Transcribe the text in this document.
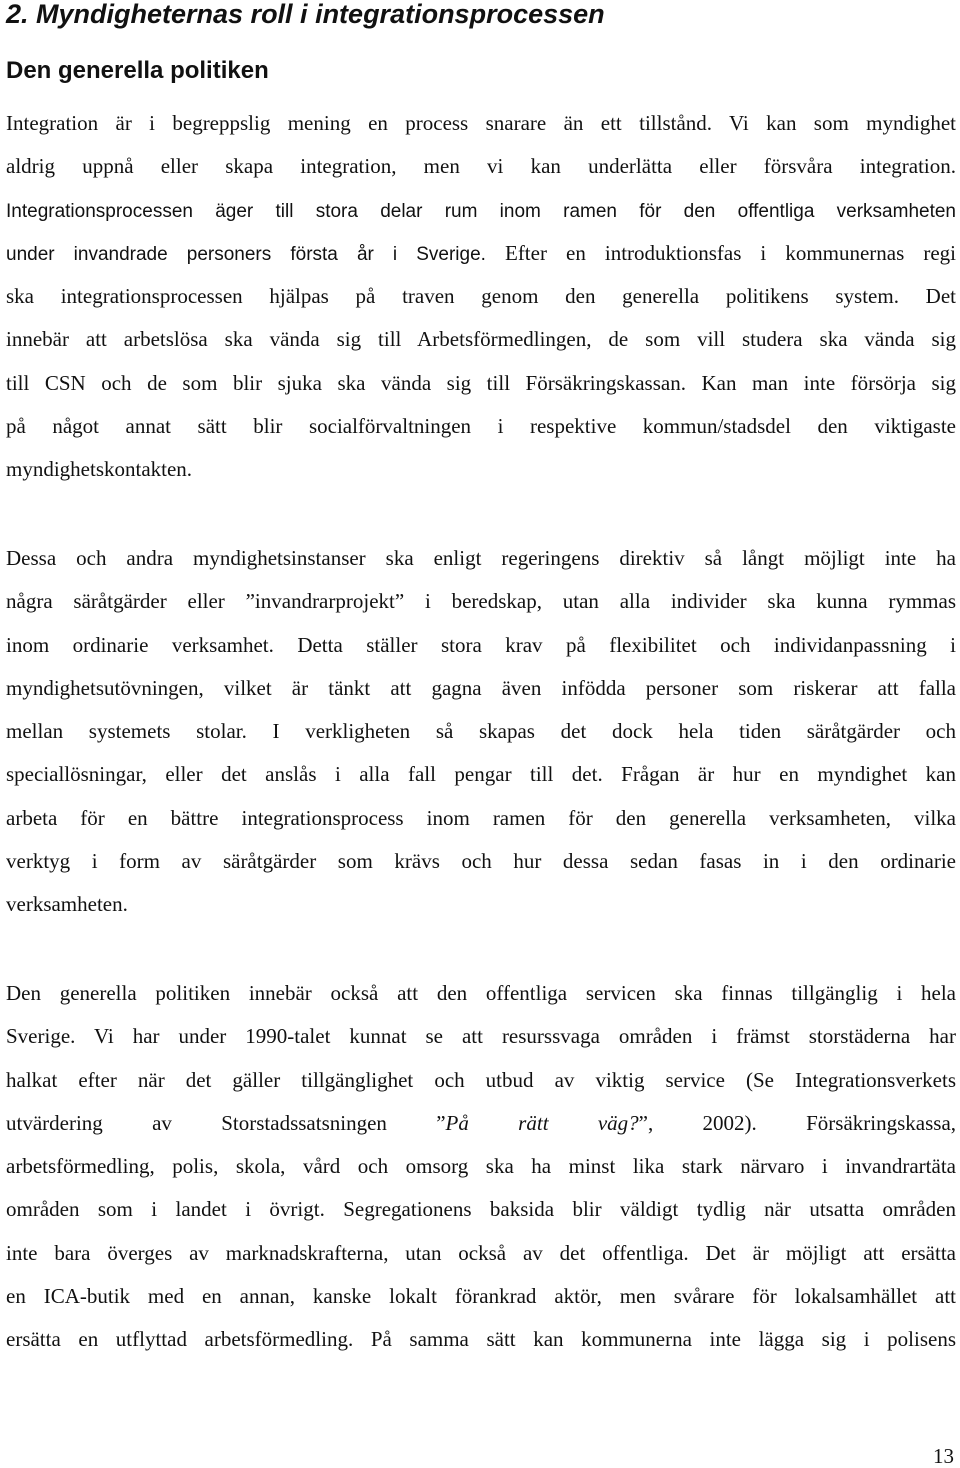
2. Myndigheternas roll i integrationsprocessen
Den generella politiken
Integration är i begreppslig mening en process snarare än ett tillstånd. Vi kan som myndighet
aldrig uppnå eller skapa integration, men vi kan underlätta eller försvåra integration.
Integrationsprocessen äger till stora delar rum inom ramen för den offentliga verksamheten
under invandrade personers första år i Sverige. Efter en introduktionsfas i kommunernas regi
ska integrationsprocessen hjälpas på traven genom den generella politikens system. Det
innebär att arbetslösa ska vända sig till Arbetsförmedlingen, de som vill studera ska vända sig
till CSN och de som blir sjuka ska vända sig till Försäkringskassan. Kan man inte försörja sig
på något annat sätt blir socialförvaltningen i respektive kommun/stadsdel den viktigaste
myndighetskontakten.
Dessa och andra myndighetsinstanser ska enligt regeringens direktiv så långt möjligt inte ha
några säråtgärder eller ”invandrarprojekt” i beredskap, utan alla individer ska kunna rymmas
inom ordinarie verksamhet. Detta ställer stora krav på flexibilitet och individanpassning i
myndighetsutövningen, vilket är tänkt att gagna även infödda personer som riskerar att falla
mellan systemets stolar. I verkligheten så skapas det dock hela tiden säråtgärder och
speciallösningar, eller det anslås i alla fall pengar till det. Frågan är hur en myndighet kan
arbeta för en bättre integrationsprocess inom ramen för den generella verksamheten, vilka
verktyg i form av säråtgärder som krävs och hur dessa sedan fasas in i den ordinarie
verksamheten.
Den generella politiken innebär också att den offentliga servicen ska finnas tillgänglig i hela
Sverige. Vi har under 1990-talet kunnat se att resurssvaga områden i främst storstäderna har
halkat efter när det gäller tillgänglighet och utbud av viktig service (Se Integrationsverkets
utvärdering av Storstadssatsningen ”På rätt väg?”, 2002). Försäkringskassa,
arbetsförmedling, polis, skola, vård och omsorg ska ha minst lika stark närvaro i invandrartäta
områden som i landet i övrigt. Segregationens baksida blir väldigt tydlig när utsatta områden
inte bara överges av marknadskrafterna, utan också av det offentliga. Det är möjligt att ersätta
en ICA-butik med en annan, kanske lokalt förankrad aktör, men svårare för lokalsamhället att
ersätta en utflyttad arbetsförmedling. På samma sätt kan kommunerna inte lägga sig i polisens

13
